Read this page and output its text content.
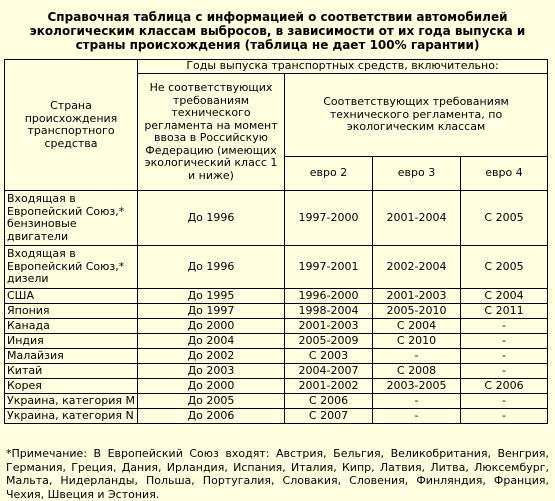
Справочная таблица с информацией о соответствии автомобилей экологическим классам выбросов, в зависимости от их года выпуска и страны происхождения (таблица не дает 100% гарантии)
Страна происхождения транспортного средства	Годы выпуска транспортных средств, включительно:			
	Не соответствующих требованиям технического регламента на момент ввоза в Российскую Федерацию (имеющих экологический класс 1 и ниже)	Соответствующих требованиям технического регламента, по экологическим классам		
		евро 2	евро 3	евро 4
Входящая в Европейский Союз,* бензиновые двигатели	До 1996	1997-2000	2001-2004	С 2005
Входящая в Европейский Союз,* дизели	До 1996	1997-2001	2002-2004	С 2005
США	До 1995	1996-2000	2001-2003	С 2004
Япония	До 1997	1998-2004	2005-2010	С 2011
Канада	До 2000	2001-2003	С 2004	-
Индия	До 2004	2005-2009	С 2010	-
Малайзия	До 2002	С 2003	-	-
Китай	До 2003	2004-2007	С 2008	-
Корея	До 2000	2001-2002	2003-2005	С 2006
Украина, категория M	До 2005	С 2006	-	-
Украина, категория N	До 2006	С 2007	-	-

*Примечание: В Европейский Союз входят: Австрия, Бельгия, Великобритания, Венгрия, Германия, Греция, Дания, Ирландия, Испания, Италия, Кипр, Латвия, Литва, Люксембург, Мальта, Нидерланды, Польша, Португалия, Словакия, Словения, Финляндия, Франция, Чехия, Швеция и Эстония.
